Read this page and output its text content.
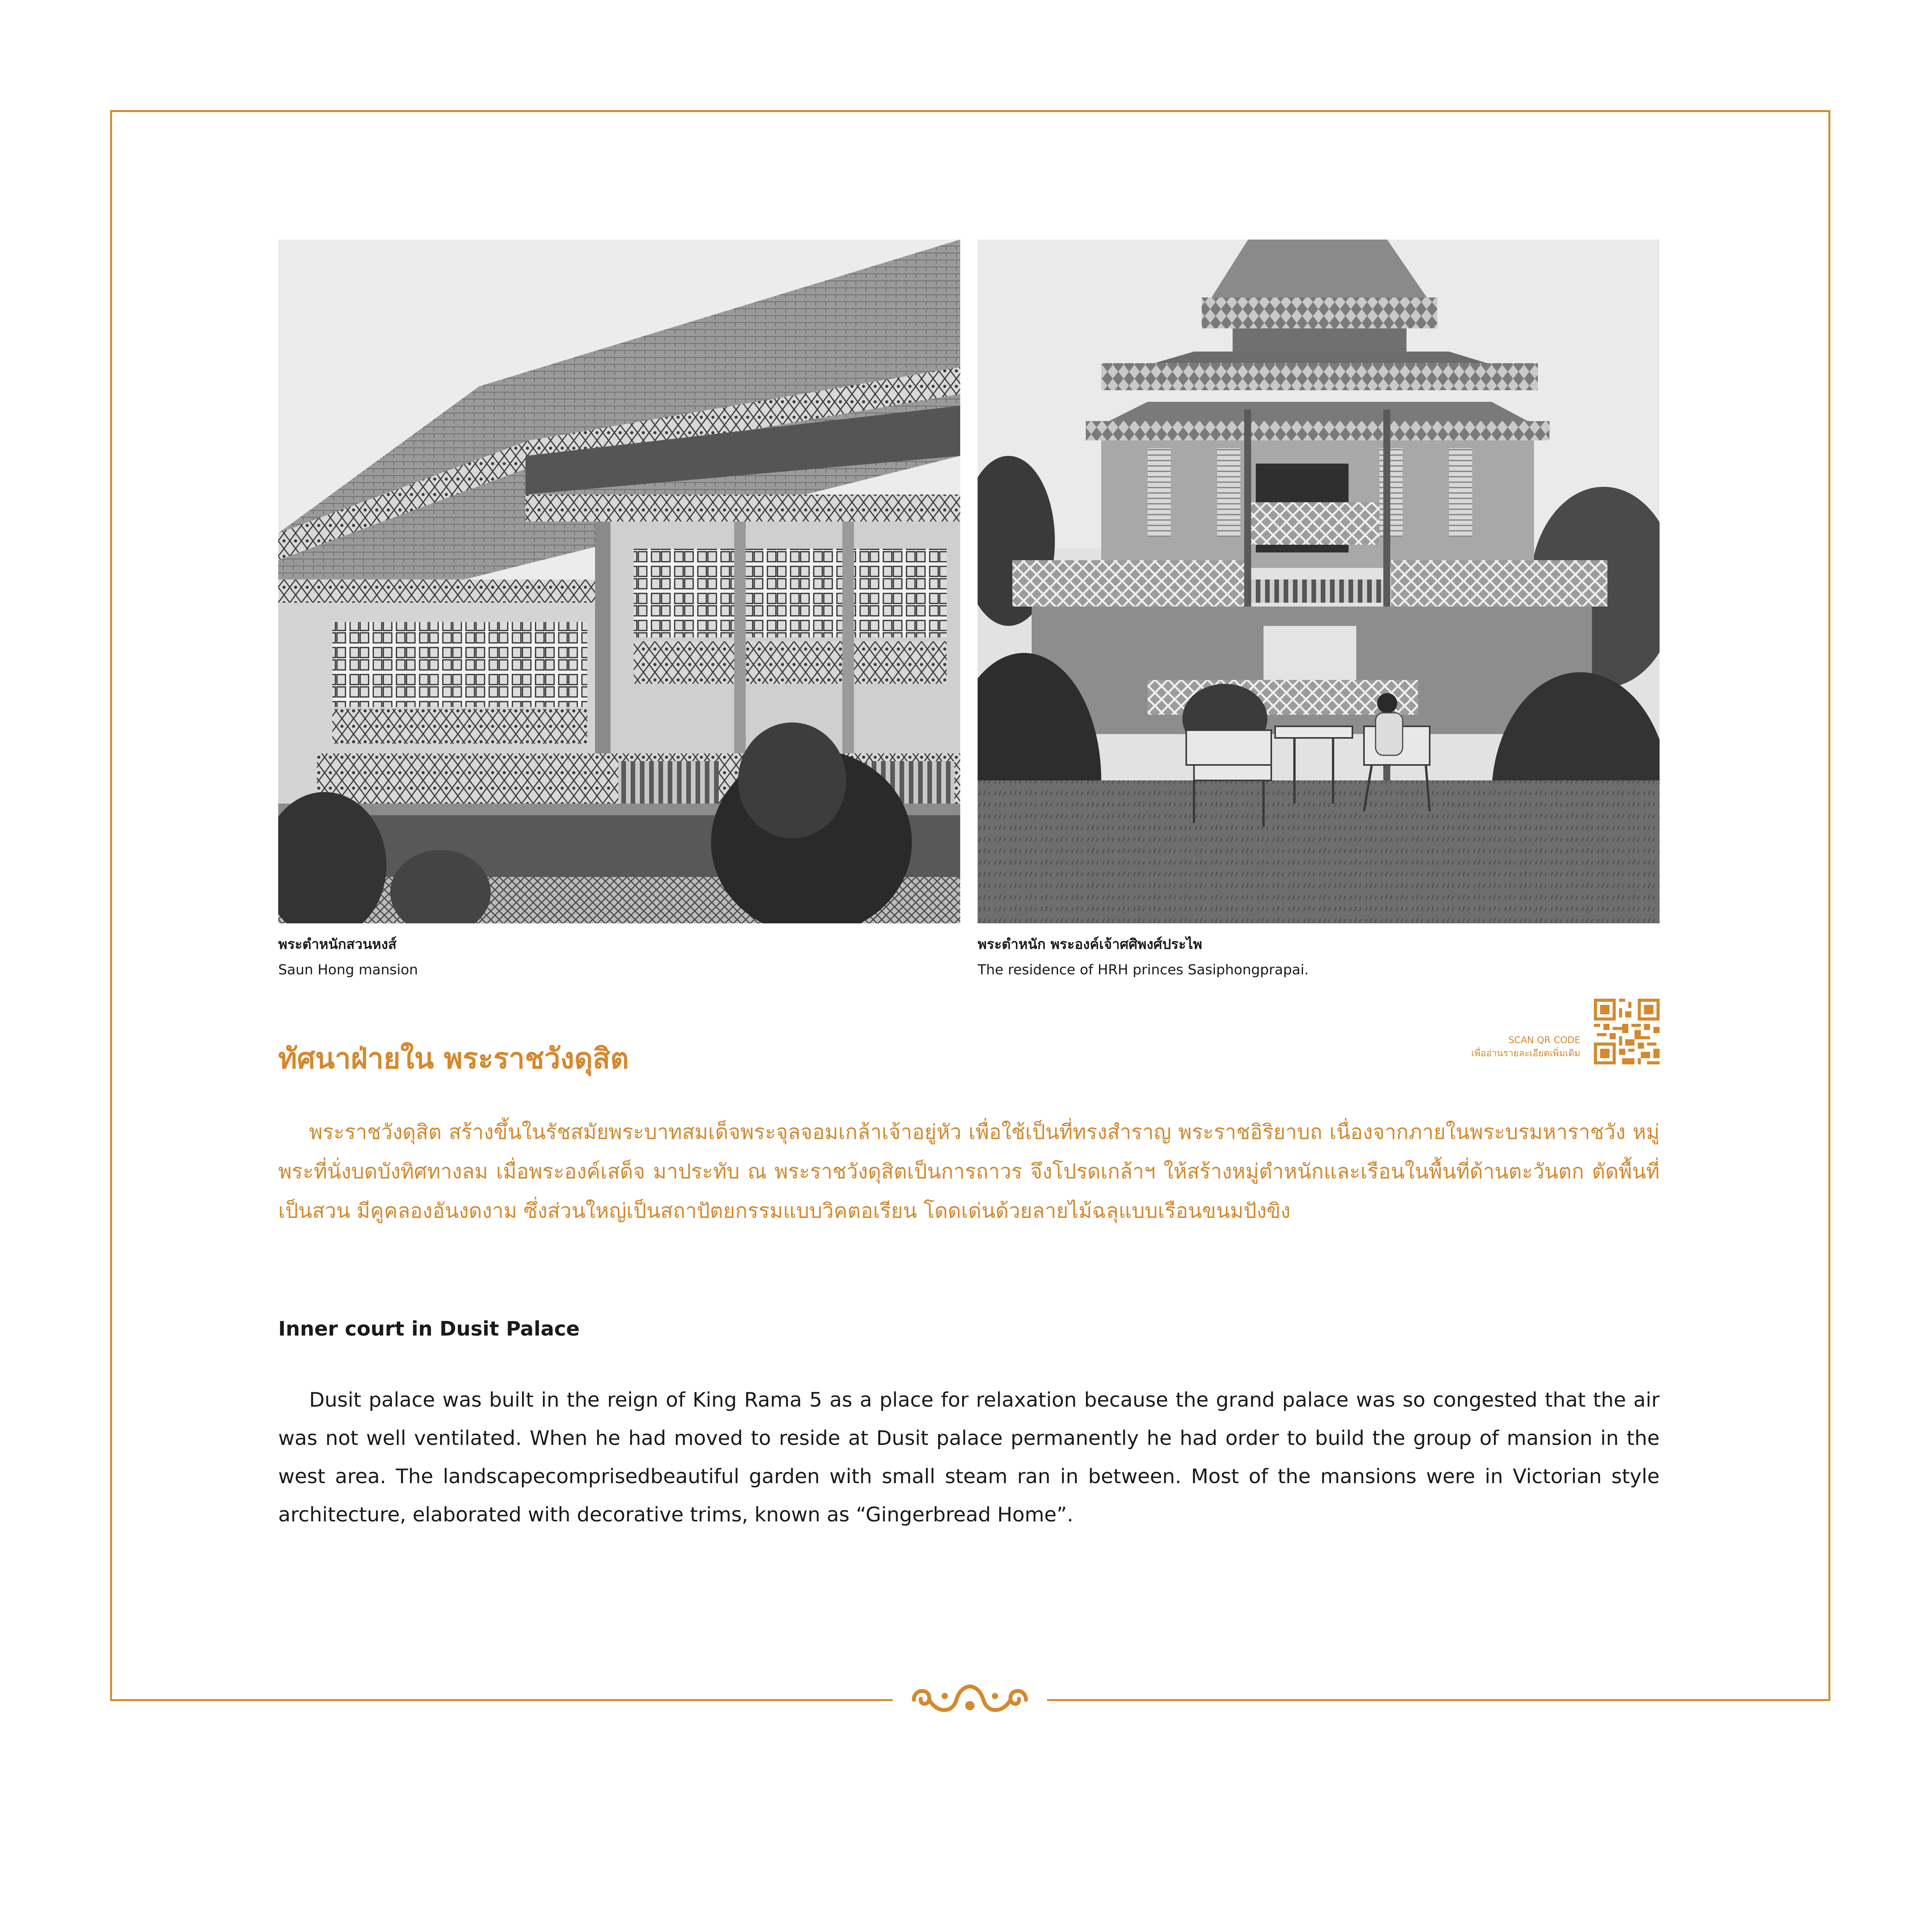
พระตำหนักสวนหงส์
Saun Hong mansion
พระตำหนัก พระองค์เจ้าศศิพงศ์ประไพ
The residence of HRH princes Sasiphongprapai.
ทัศนาฝ่ายใน พระราชวังดุสิต
SCAN QR CODE
เพื่ออ่านรายละเอียดเพิ่มเติม
พระราชวังดุสิต สร้างขึ้นในรัชสมัยพระบาทสมเด็จพระจุลจอมเกล้าเจ้าอยู่หัว เพื่อใช้เป็นที่ทรงสำราญ พระราชอิริยาบถ เนื่องจากภายในพระบรมหาราชวัง หมู่พระที่นั่งบดบังทิศทางลม เมื่อพระองค์เสด็จ มาประทับ ณ พระราชวังดุสิตเป็นการถาวร จึงโปรดเกล้าฯ ให้สร้างหมู่ตำหนักและเรือนในพื้นที่ด้านตะวันตก ตัดพื้นที่เป็นสวน มีคูคลองอันงดงาม ซึ่งส่วนใหญ่เป็นสถาปัตยกรรมแบบวิคตอเรียน โดดเด่นด้วยลายไม้ฉลุแบบเรือนขนมปังขิง
Inner court in Dusit Palace
Dusit palace was built in the reign of King Rama 5 as a place for relaxation because the grand palace was so congested that the air was not well ventilated. When he had moved to reside at Dusit palace permanently he had order to build the group of mansion in the west area. The landscapecomprisedbeautiful garden with small steam ran in between. Most of the mansions were in Victorian style architecture, elaborated with decorative trims, known as “Gingerbread Home”.
